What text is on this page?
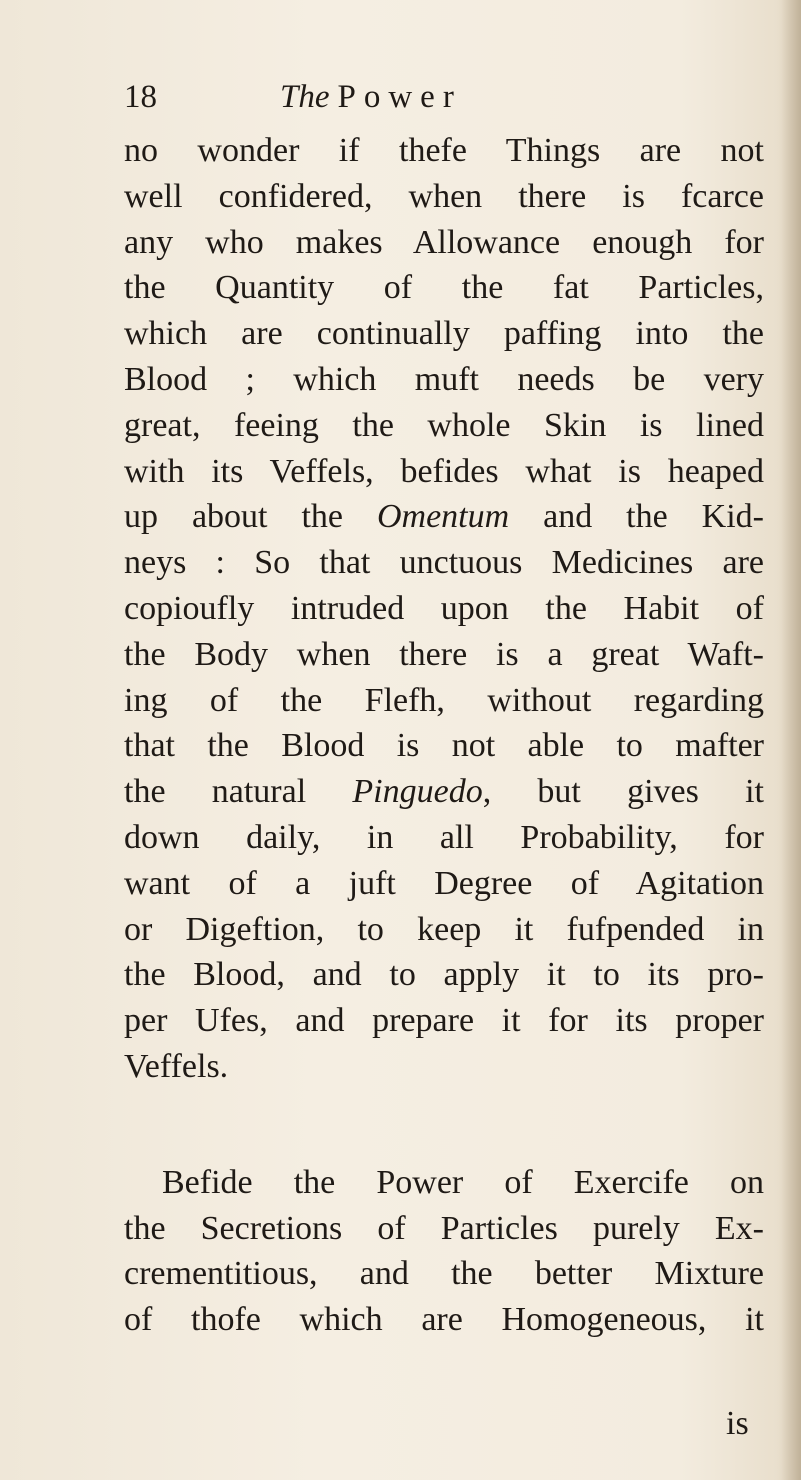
18	The Power
no wonder if thefe Things are not
well confidered, when there is fcarce
any who makes Allowance enough for
the Quantity of the fat Particles,
which are continually paffing into the
Blood ; which muft needs be very
great, feeing the whole Skin is lined
with its Veffels, befides what is heaped
up about the Omentum and the Kid-
neys : So that unctuous Medicines are
copioufly intruded upon the Habit of
the Body when there is a great Waft-
ing of the Flefh, without regarding
that the Blood is not able to mafter
the natural Pinguedo, but gives it
down daily, in all Probability, for
want of a juft Degree of Agitation
or Digeftion, to keep it fufpended in
the Blood, and to apply it to its pro-
per Ufes, and prepare it for its proper
Veffels.
Befide the Power of Exercife on
the Secretions of Particles purely Ex-
crementitious, and the better Mixture
of thofe which are Homogeneous, it
is
